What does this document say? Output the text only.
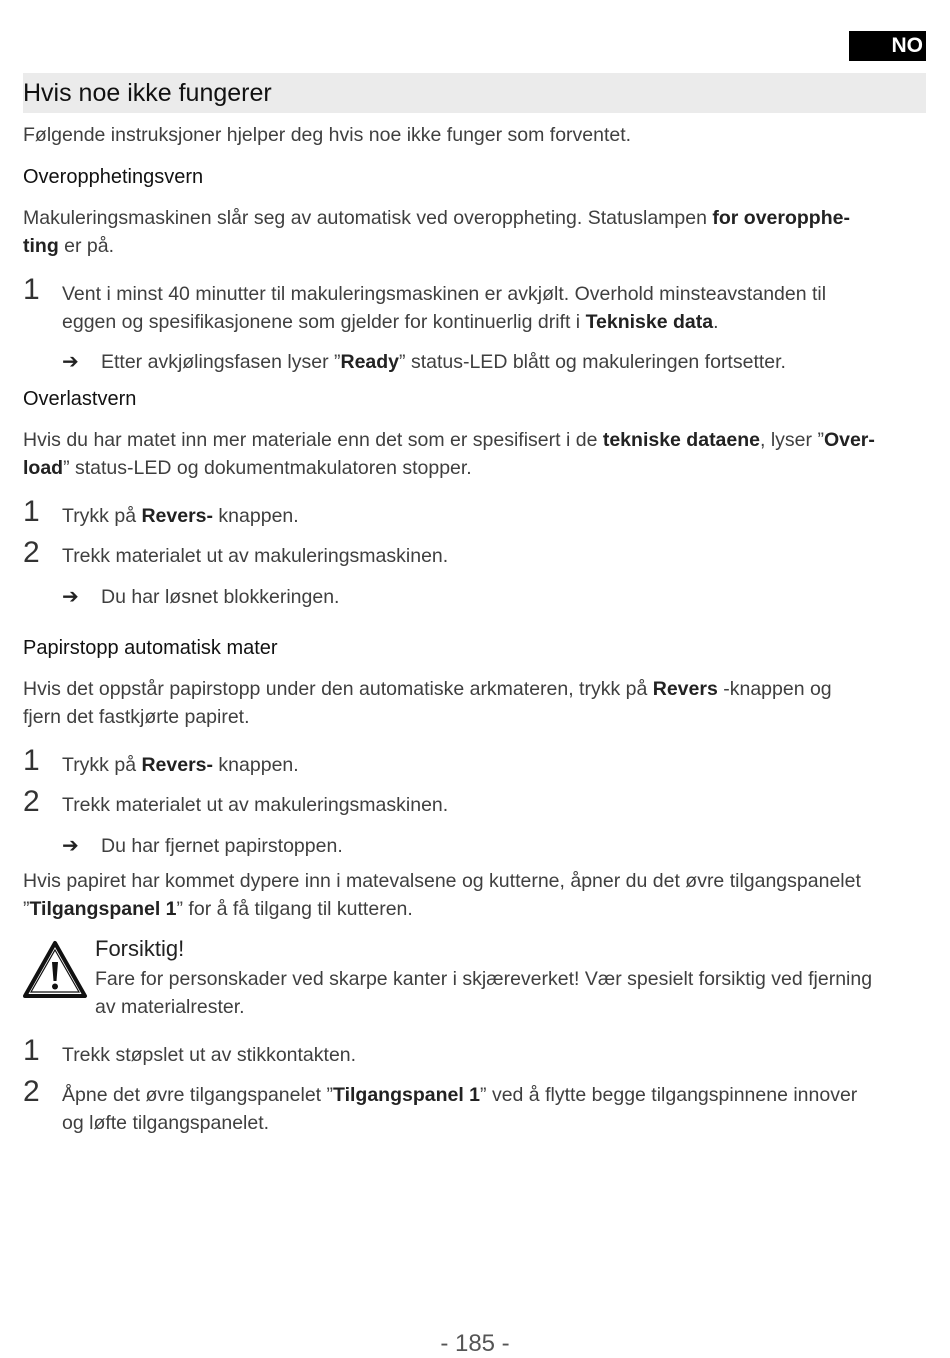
NO
Hvis noe ikke fungerer
Følgende instruksjoner hjelper deg hvis noe ikke funger som forventet.
Overopphetingsvern
Makuleringsmaskinen slår seg av automatisk ved overoppheting. Statuslampen for overopphe-
ting er på.
1	Vent i minst 40 minutter til makuleringsmaskinen er avkjølt. Overhold minsteavstanden til
eggen og spesifikasjonene som gjelder for kontinuerlig drift i Tekniske data.
➔ Etter avkjølingsfasen lyser ”Ready” status-LED blått og makuleringen fortsetter.
Overlastvern
Hvis du har matet inn mer materiale enn det som er spesifisert i de tekniske dataene, lyser ”Over-
load” status-LED og dokumentmakulatoren stopper.
1	Trykk på Revers- knappen.
2	Trekk materialet ut av makuleringsmaskinen.
➔ Du har løsnet blokkeringen.
Papirstopp automatisk mater
Hvis det oppstår papirstopp under den automatiske arkmateren, trykk på Revers -knappen og
fjern det fastkjørte papiret.
1	Trykk på Revers- knappen.
2	Trekk materialet ut av makuleringsmaskinen.
➔ Du har fjernet papirstoppen.
Hvis papiret har kommet dypere inn i matevalsene og kutterne, åpner du det øvre tilgangspanelet
”Tilgangspanel 1” for å få tilgang til kutteren.
Forsiktig!
Fare for personskader ved skarpe kanter i skjæreverket! Vær spesielt forsiktig ved fjerning
av materialrester.
1	Trekk støpslet ut av stikkontakten.
2	Åpne det øvre tilgangspanelet ”Tilgangspanel 1” ved å flytte begge tilgangspinnene innover
og løfte tilgangspanelet.
- 185 -
